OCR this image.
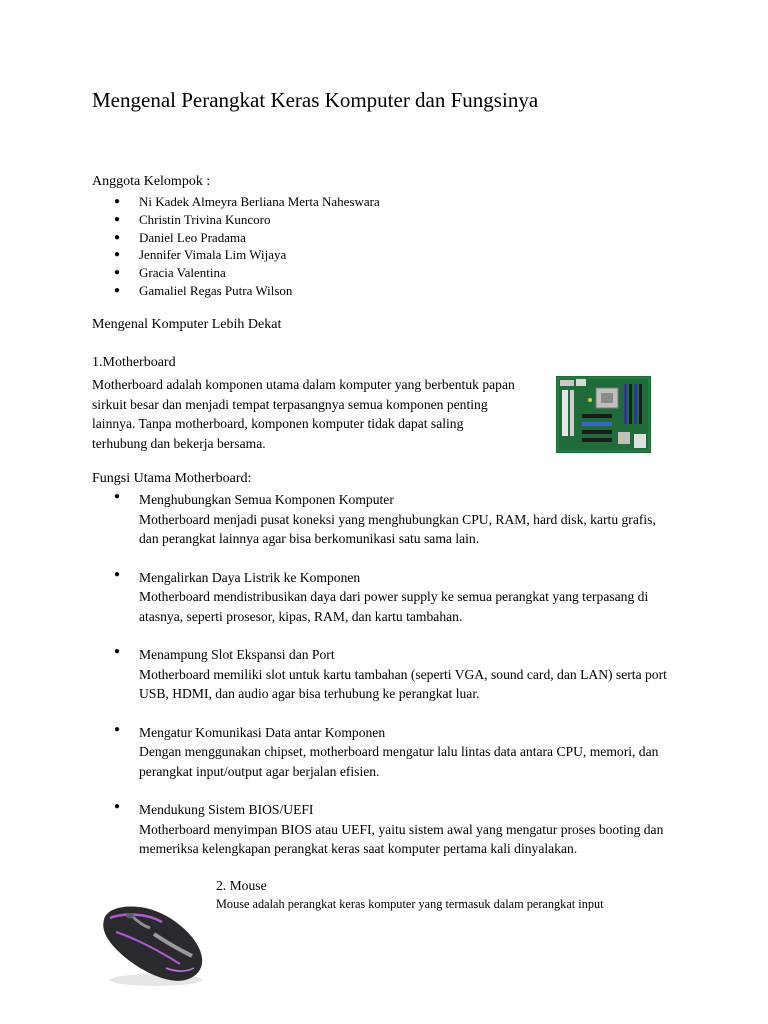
Mengenal Perangkat Keras Komputer dan Fungsinya
Anggota Kelompok :
● Ni Kadek Almeyra Berliana Merta Naheswara
● Christin Trivina Kuncoro
● Daniel Leo Pradama
● Jennifer Vimala Lim Wijaya
● Gracia Valentina
● Gamaliel Regas Putra Wilson
Mengenal Komputer Lebih Dekat
1.Motherboard
Motherboard adalah komponen utama dalam komputer yang berbentuk papan sirkuit besar dan menjadi tempat terpasangnya semua komponen penting lainnya. Tanpa motherboard, komponen komputer tidak dapat saling terhubung dan bekerja bersama.
Fungsi Utama Motherboard:
● Menghubungkan Semua Komponen Komputer
Motherboard menjadi pusat koneksi yang menghubungkan CPU, RAM, hard disk, kartu grafis, dan perangkat lainnya agar bisa berkomunikasi satu sama lain.
● Mengalirkan Daya Listrik ke Komponen
Motherboard mendistribusikan daya dari power supply ke semua perangkat yang terpasang di atasnya, seperti prosesor, kipas, RAM, dan kartu tambahan.
● Menampung Slot Ekspansi dan Port
Motherboard memiliki slot untuk kartu tambahan (seperti VGA, sound card, dan LAN) serta port USB, HDMI, dan audio agar bisa terhubung ke perangkat luar.
● Mengatur Komunikasi Data antar Komponen
Dengan menggunakan chipset, motherboard mengatur lalu lintas data antara CPU, memori, dan perangkat input/output agar berjalan efisien.
● Mendukung Sistem BIOS/UEFI
Motherboard menyimpan BIOS atau UEFI, yaitu sistem awal yang mengatur proses booting dan memeriksa kelengkapan perangkat keras saat komputer pertama kali dinyalakan.
2. Mouse
Mouse adalah perangkat keras komputer yang termasuk dalam perangkat input
